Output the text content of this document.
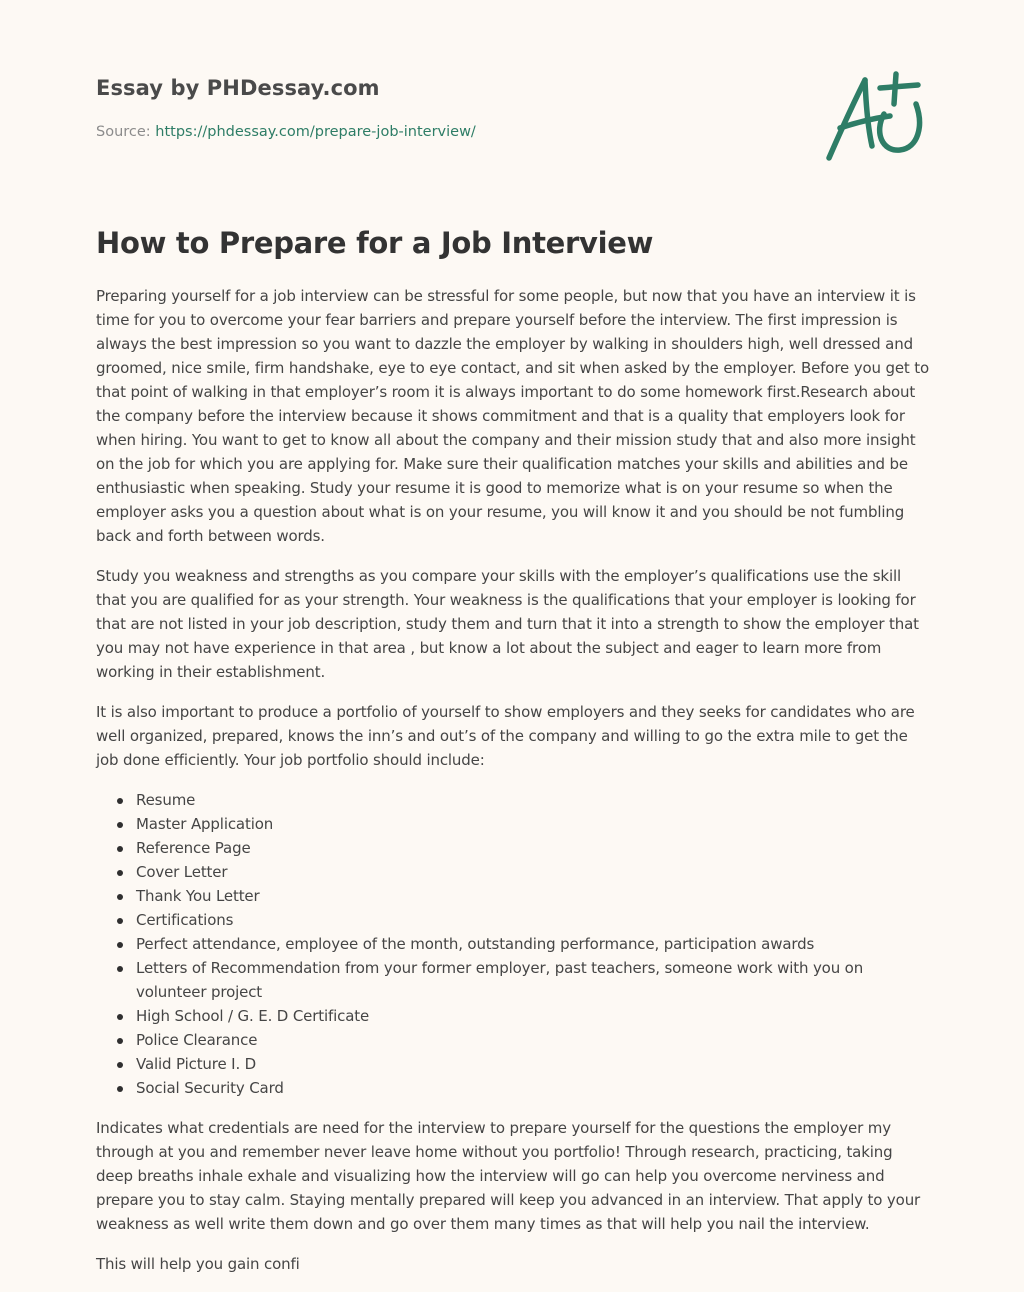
Essay by PHDessay.com
Source: https://phdessay.com/prepare-job-interview/
How to Prepare for a Job Interview

Preparing yourself for a job interview can be stressful for some people, but now that you have an interview it is time for you to overcome your fear barriers and prepare yourself before the interview. The first impression is always the best impression so you want to dazzle the employer by walking in shoulders high, well dressed and groomed, nice smile, firm handshake, eye to eye contact, and sit when asked by the employer. Before you get to that point of walking in that employer’s room it is always important to do some homework first.Research about the company before the interview because it shows commitment and that is a quality that employers look for when hiring. You want to get to know all about the company and their mission study that and also more insight on the job for which you are applying for. Make sure their qualification matches your skills and abilities and be enthusiastic when speaking. Study your resume it is good to memorize what is on your resume so when the employer asks you a question about what is on your resume, you will know it and you should be not fumbling back and forth between words.

Study you weakness and strengths as you compare your skills with the employer’s qualifications use the skill that you are qualified for as your strength. Your weakness is the qualifications that your employer is looking for that are not listed in your job description, study them and turn that it into a strength to show the employer that you may not have experience in that area , but know a lot about the subject and eager to learn more from working in their establishment.

It is also important to produce a portfolio of yourself to show employers and they seeks for candidates who are well organized, prepared, knows the inn’s and out’s of the company and willing to go the extra mile to get the job done efficiently. Your job portfolio should include:

Resume
Master Application
Reference Page
Cover Letter
Thank You Letter
Certifications
Perfect attendance, employee of the month, outstanding performance, participation awards
Letters of Recommendation from your former employer, past teachers, someone work with you on volunteer project
High School / G. E. D Certificate
Police Clearance
Valid Picture I. D
Social Security Card

Indicates what credentials are need for the interview to prepare yourself for the questions the employer my through at you and remember never leave home without you portfolio! Through research, practicing, taking deep breaths inhale exhale and visualizing how the interview will go can help you overcome nerviness and prepare you to stay calm. Staying mentally prepared will keep you advanced in an interview. That apply to your weakness as well write them down and go over them many times as that will help you nail the interview.

This will help you gain confi
